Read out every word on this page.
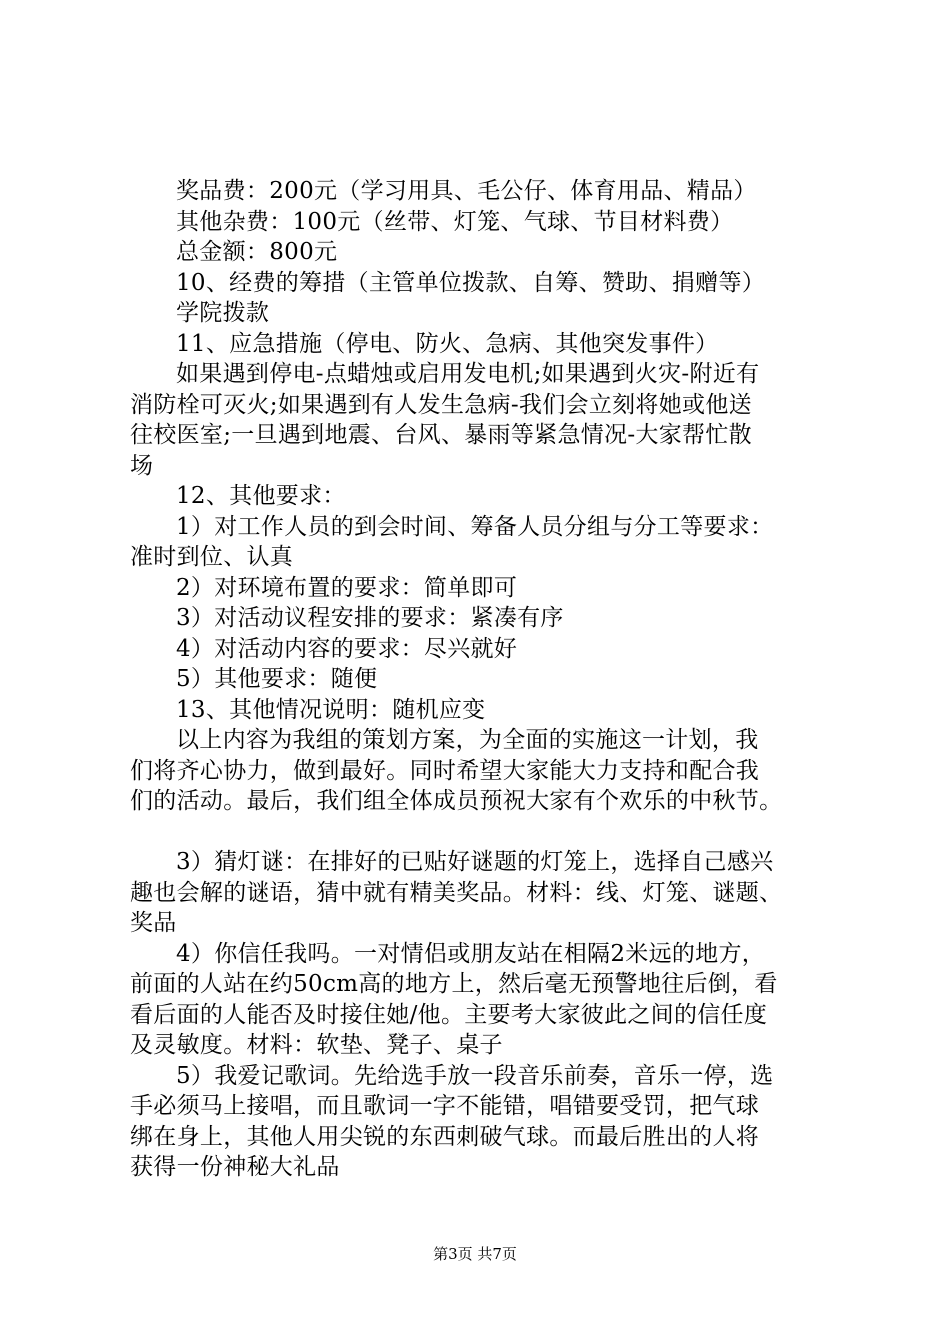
奖品费：200元（学习用具、毛公仔、体育用品、精品）
其他杂费：100元（丝带、灯笼、气球、节目材料费）
总金额：800元
10、经费的筹措（主管单位拨款、自筹、赞助、捐赠等）
学院拨款
11、应急措施（停电、防火、急病、其他突发事件）
如果遇到停电-点蜡烛或启用发电机;如果遇到火灾-附近有
消防栓可灭火;如果遇到有人发生急病-我们会立刻将她或他送
往校医室;一旦遇到地震、台风、暴雨等紧急情况-大家帮忙散
场
12、其他要求：
1）对工作人员的到会时间、筹备人员分组与分工等要求：
准时到位、认真
2）对环境布置的要求：简单即可
3）对活动议程安排的要求：紧凑有序
4）对活动内容的要求：尽兴就好
5）其他要求：随便
13、其他情况说明：随机应变
以上内容为我组的策划方案，为全面的实施这一计划，我
们将齐心协力，做到最好。同时希望大家能大力支持和配合我
们的活动。最后，我们组全体成员预祝大家有个欢乐的中秋节。
3）猜灯谜：在排好的已贴好谜题的灯笼上，选择自己感兴
趣也会解的谜语，猜中就有精美奖品。材料：线、灯笼、谜题、
奖品
4）你信任我吗。一对情侣或朋友站在相隔2米远的地方，
前面的人站在约50cm高的地方上，然后毫无预警地往后倒，看
看后面的人能否及时接住她/他。主要考大家彼此之间的信任度
及灵敏度。材料：软垫、凳子、桌子
5）我爱记歌词。先给选手放一段音乐前奏，音乐一停，选
手必须马上接唱，而且歌词一字不能错，唱错要受罚，把气球
绑在身上，其他人用尖锐的东西刺破气球。而最后胜出的人将
获得一份神秘大礼品
第3页 共7页
